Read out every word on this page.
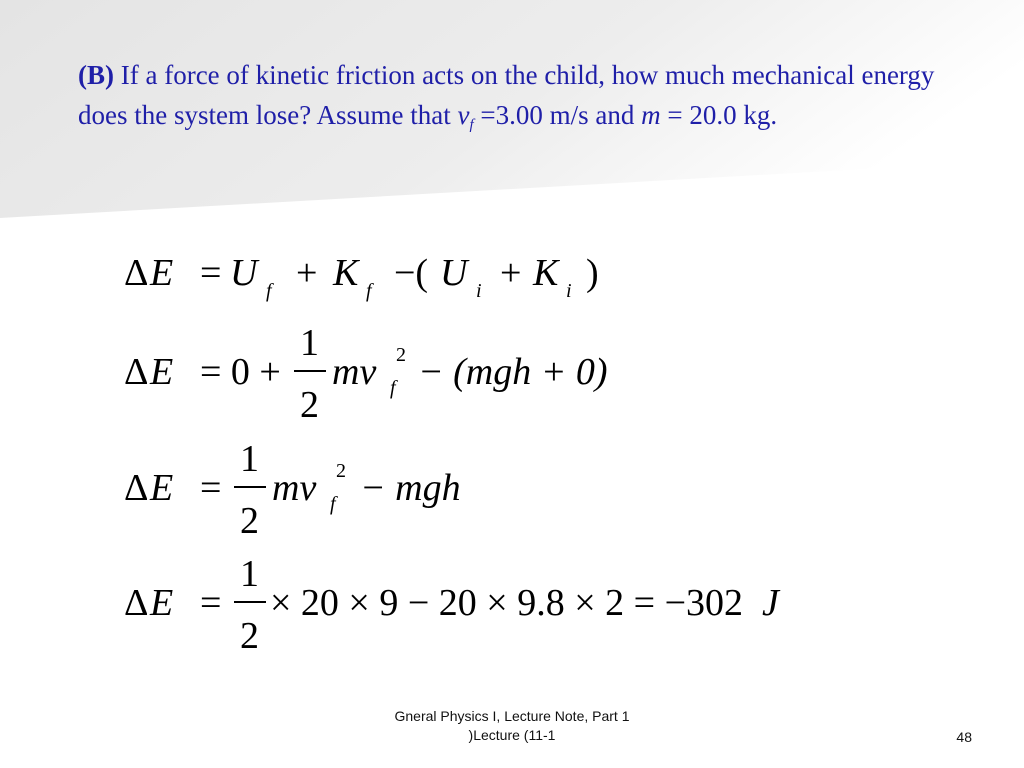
(B) If a force of kinetic friction acts on the child, how much mechanical energy does the system lose? Assume that $v_f =3.00$ m/s and m = 20.0 kg.
Δ E = U f + K f −( U i + K i )
Δ E = 0 +
1
2
mv 2
f − (mgh + 0)
Δ E =
1
2
mv 2
f − mgh
Δ E =
1
2
× 20 × 9 − 20 × 9.8 × 2 = −302 J
Gneral Physics I, Lecture Note, Part 1
)Lecture (11-1	48
